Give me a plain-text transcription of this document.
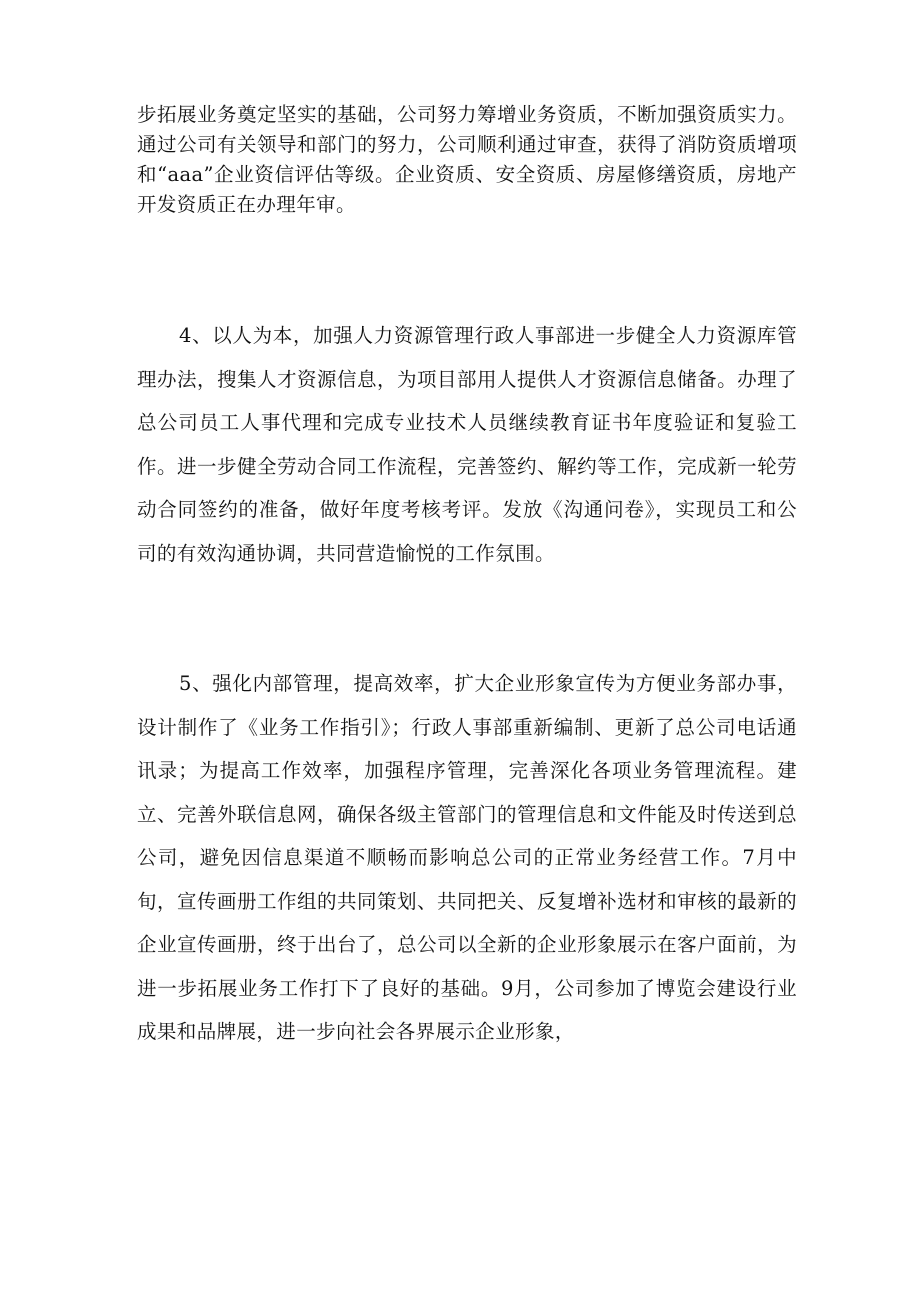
步拓展业务奠定坚实的基础，公司努力筹增业务资质，不断加强资质实力。通过公司有关领导和部门的努力，公司顺利通过审查，获得了消防资质增项和“aaa”企业资信评估等级。企业资质、安全资质、房屋修缮资质，房地产开发资质正在办理年审。

4、以人为本，加强人力资源管理行政人事部进一步健全人力资源库管理办法，搜集人才资源信息，为项目部用人提供人才资源信息储备。办理了总公司员工人事代理和完成专业技术人员继续教育证书年度验证和复验工作。进一步健全劳动合同工作流程，完善签约、解约等工作，完成新一轮劳动合同签约的准备，做好年度考核考评。发放《沟通问卷》，实现员工和公司的有效沟通协调，共同营造愉悦的工作氛围。

5、强化内部管理，提高效率，扩大企业形象宣传为方便业务部办事，设计制作了《业务工作指引》；行政人事部重新编制、更新了总公司电话通讯录；为提高工作效率，加强程序管理，完善深化各项业务管理流程。建立、完善外联信息网，确保各级主管部门的管理信息和文件能及时传送到总公司，避免因信息渠道不顺畅而影响总公司的正常业务经营工作。7月中旬，宣传画册工作组的共同策划、共同把关、反复增补选材和审核的最新的企业宣传画册，终于出台了，总公司以全新的企业形象展示在客户面前，为进一步拓展业务工作打下了良好的基础。9月，公司参加了博览会建设行业成果和品牌展，进一步向社会各界展示企业形象，
